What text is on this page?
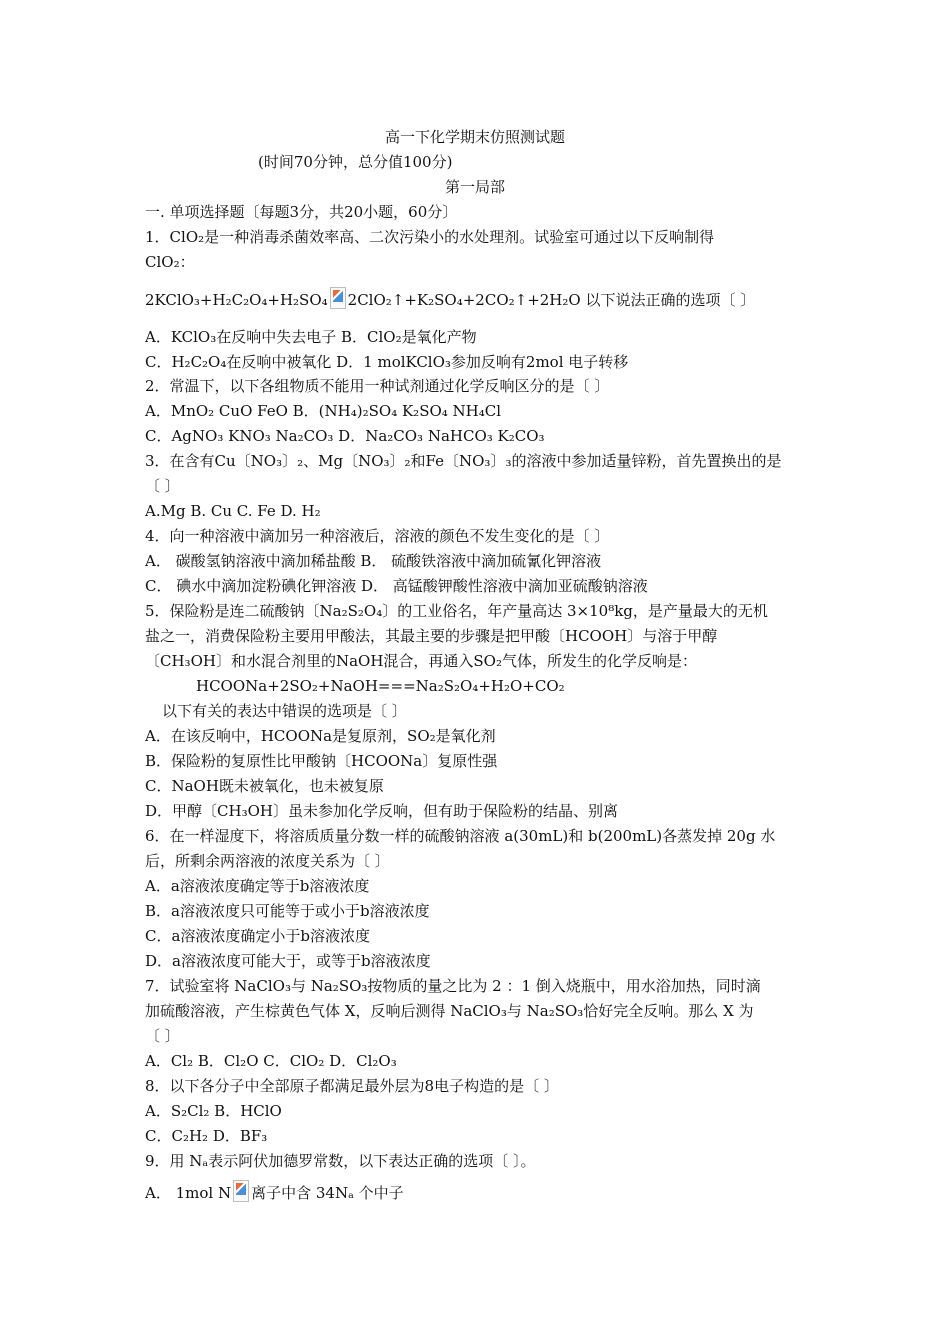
高一下化学期末仿照测试题
(时间70分钟，总分值100分)
第一局部
一. 单项选择题〔每题3分，共20小题，60分〕
1．ClO₂是一种消毒杀菌效率高、二次污染小的水处理剂。试验室可通过以下反响制得
ClO₂：
2KClO₃+H₂C₂O₄+H₂SO₄ 2ClO₂↑+K₂SO₄+2CO₂↑+2H₂O 以下说法正确的选项〔 〕
A．KClO₃在反响中失去电子 B．ClO₂是氧化产物
C．H₂C₂O₄在反响中被氧化 D．1 molKClO₃参加反响有2mol 电子转移
2．常温下，以下各组物质不能用一种试剂通过化学反响区分的是〔 〕
A．MnO₂ CuO FeO B．(NH₄)₂SO₄ K₂SO₄ NH₄Cl
C．AgNO₃ KNO₃ Na₂CO₃ D．Na₂CO₃ NaHCO₃ K₂CO₃
3．在含有Cu〔NO₃〕₂、Mg〔NO₃〕₂和Fe〔NO₃〕₃的溶液中参加适量锌粉，首先置换出的是
〔 〕
A.Mg B. Cu C. Fe D. H₂
4．向一种溶液中滴加另一种溶液后，溶液的颜色不发生变化的是〔 〕
A． 碳酸氢钠溶液中滴加稀盐酸 B． 硫酸铁溶液中滴加硫氰化钾溶液
C． 碘水中滴加淀粉碘化钾溶液 D． 高锰酸钾酸性溶液中滴加亚硫酸钠溶液
5．保险粉是连二硫酸钠〔Na₂S₂O₄〕的工业俗名，年产量高达 3×10⁸kg，是产量最大的无机
盐之一，消费保险粉主要用甲酸法，其最主要的步骤是把甲酸〔HCOOH〕与溶于甲醇
〔CH₃OH〕和水混合剂里的NaOH混合，再通入SO₂气体，所发生的化学反响是：
HCOONa+2SO₂+NaOH===Na₂S₂O₄+H₂O+CO₂
以下有关的表达中错误的选项是〔 〕
A．在该反响中，HCOONa是复原剂，SO₂是氧化剂
B．保险粉的复原性比甲酸钠〔HCOONa〕复原性强
C．NaOH既未被氧化，也未被复原
D．甲醇〔CH₃OH〕虽未参加化学反响，但有助于保险粉的结晶、别离
6．在一样湿度下，将溶质质量分数一样的硫酸钠溶液 a(30mL)和 b(200mL)各蒸发掉 20g 水
后，所剩余两溶液的浓度关系为〔 〕
A．a溶液浓度确定等于b溶液浓度
B．a溶液浓度只可能等于或小于b溶液浓度
C．a溶液浓度确定小于b溶液浓度
D．a溶液浓度可能大于，或等于b溶液浓度
7．试验室将 NaClO₃与 Na₂SO₃按物质的量之比为 2 ：1 倒入烧瓶中，用水浴加热，同时滴
加硫酸溶液，产生棕黄色气体 X，反响后测得 NaClO₃与 Na₂SO₃恰好完全反响。那么 X 为
〔 〕
A．Cl₂ B．Cl₂O C．ClO₂ D．Cl₂O₃
8．以下各分子中全部原子都满足最外层为8电子构造的是〔 〕
A．S₂Cl₂ B．HClO
C．C₂H₂ D．BF₃
9．用 Nₐ表示阿伏加德罗常数，以下表达正确的选项〔 〕。
A． 1mol N 离子中含 34Nₐ 个中子
